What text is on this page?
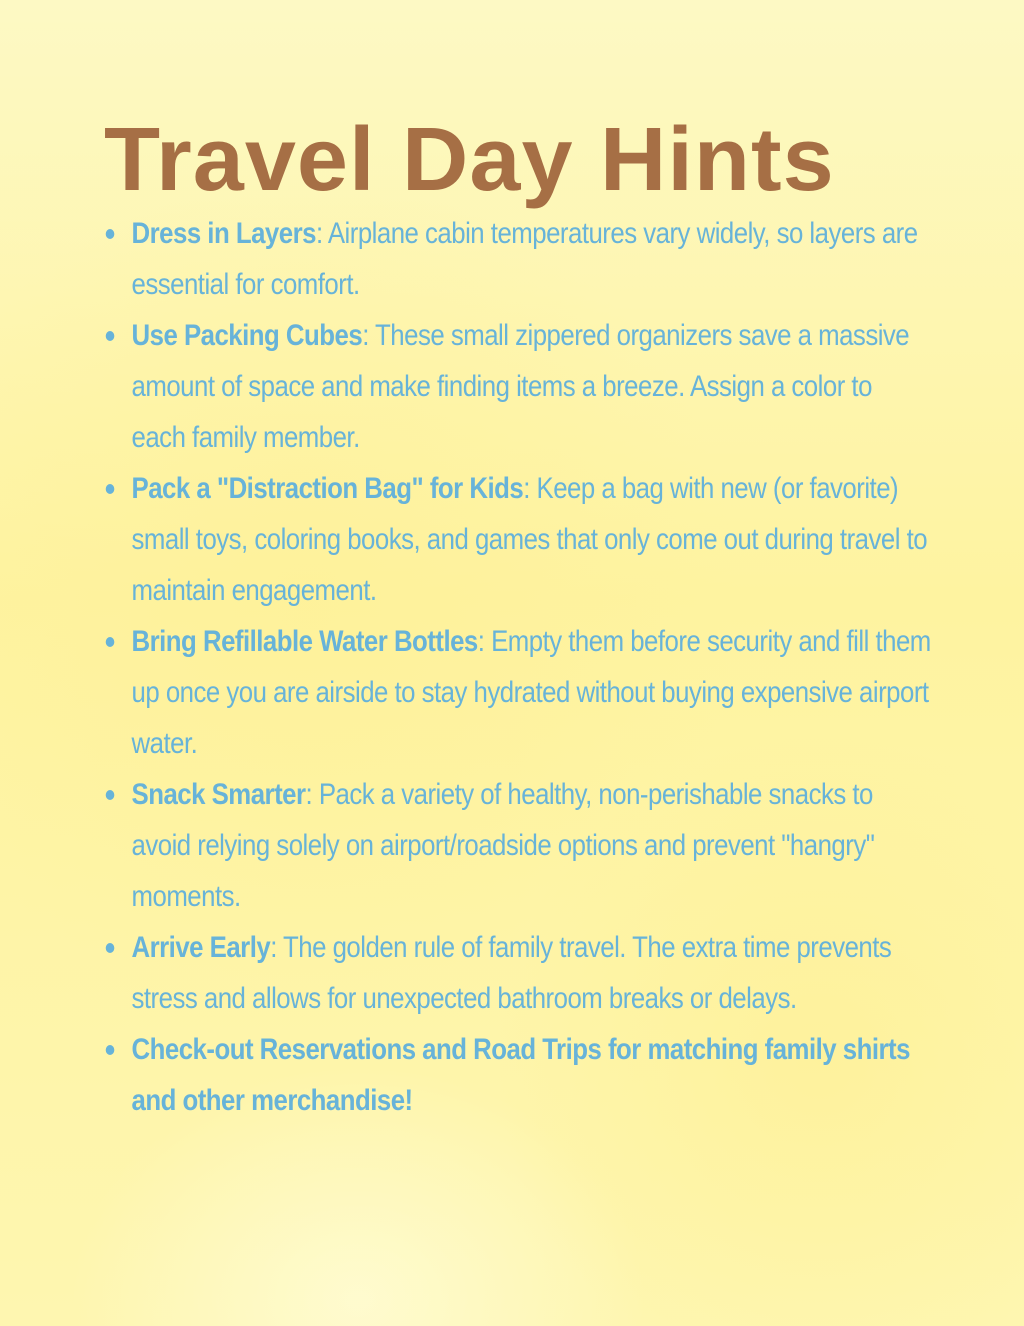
Travel Day Hints
Dress in Layers: Airplane cabin temperatures vary widely, so layers are essential for comfort.
Use Packing Cubes: These small zippered organizers save a massive amount of space and make finding items a breeze. Assign a color to each family member.
Pack a "Distraction Bag" for Kids: Keep a bag with new (or favorite) small toys, coloring books, and games that only come out during travel to maintain engagement.
Bring Refillable Water Bottles: Empty them before security and fill them up once you are airside to stay hydrated without buying expensive airport water.
Snack Smarter: Pack a variety of healthy, non-perishable snacks to avoid relying solely on airport/roadside options and prevent "hangry" moments.
Arrive Early: The golden rule of family travel. The extra time prevents stress and allows for unexpected bathroom breaks or delays.
Check-out Reservations and Road Trips for matching family shirts and other merchandise!
